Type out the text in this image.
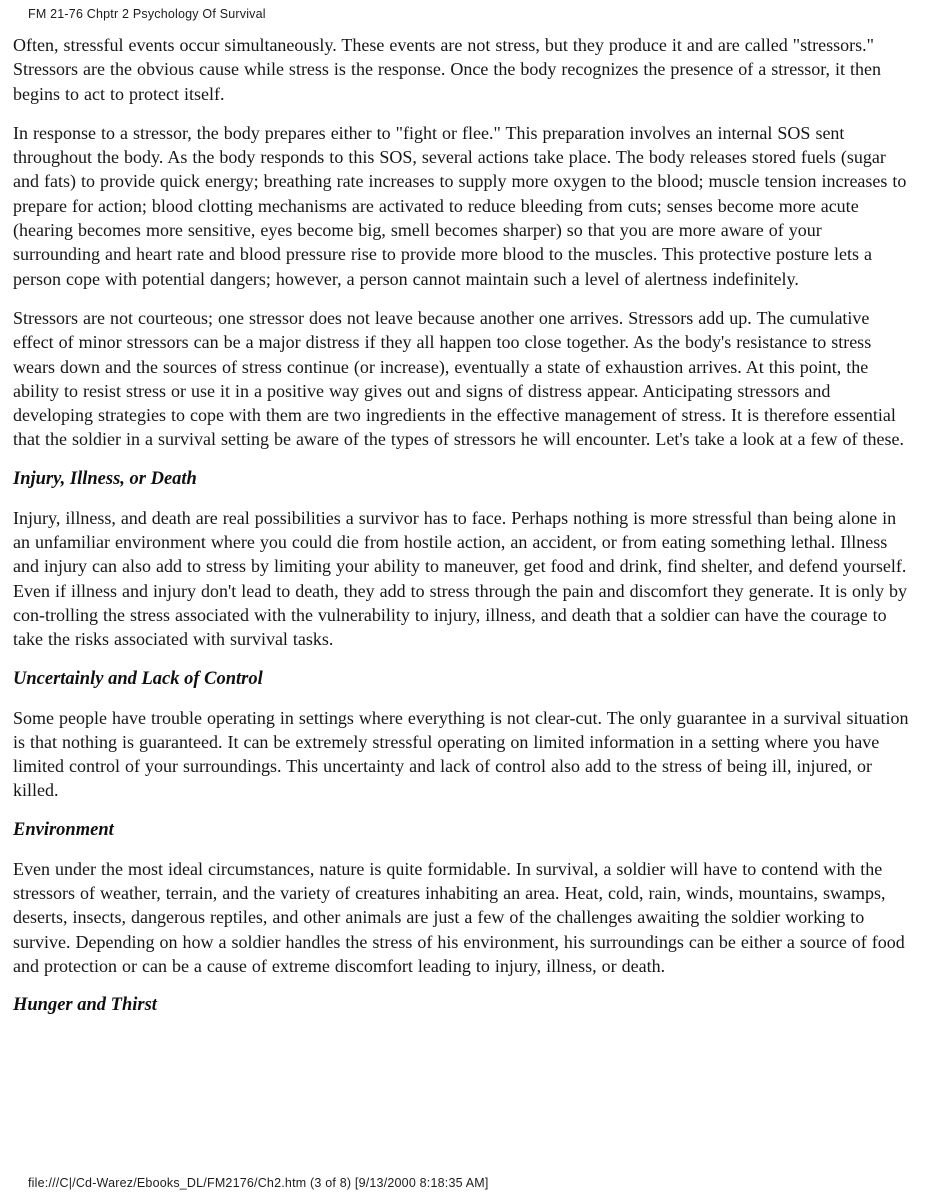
FM 21-76 Chptr 2 Psychology Of Survival

Often, stressful events occur simultaneously. These events are not stress, but they produce it and are called "stressors." Stressors are the obvious cause while stress is the response. Once the body recognizes the presence of a stressor, it then begins to act to protect itself.

In response to a stressor, the body prepares either to "fight or flee." This preparation involves an internal SOS sent throughout the body. As the body responds to this SOS, several actions take place. The body releases stored fuels (sugar and fats) to provide quick energy; breathing rate increases to supply more oxygen to the blood; muscle tension increases to prepare for action; blood clotting mechanisms are activated to reduce bleeding from cuts; senses become more acute (hearing becomes more sensitive, eyes become big, smell becomes sharper) so that you are more aware of your surrounding and heart rate and blood pressure rise to provide more blood to the muscles. This protective posture lets a person cope with potential dangers; however, a person cannot maintain such a level of alertness indefinitely.

Stressors are not courteous; one stressor does not leave because another one arrives. Stressors add up. The cumulative effect of minor stressors can be a major distress if they all happen too close together. As the body's resistance to stress wears down and the sources of stress continue (or increase), eventually a state of exhaustion arrives. At this point, the ability to resist stress or use it in a positive way gives out and signs of distress appear. Anticipating stressors and developing strategies to cope with them are two ingredients in the effective management of stress. It is therefore essential that the soldier in a survival setting be aware of the types of stressors he will encounter. Let's take a look at a few of these.

Injury, Illness, or Death

Injury, illness, and death are real possibilities a survivor has to face. Perhaps nothing is more stressful than being alone in an unfamiliar environment where you could die from hostile action, an accident, or from eating something lethal. Illness and injury can also add to stress by limiting your ability to maneuver, get food and drink, find shelter, and defend yourself. Even if illness and injury don't lead to death, they add to stress through the pain and discomfort they generate. It is only by con-trolling the stress associated with the vulnerability to injury, illness, and death that a soldier can have the courage to take the risks associated with survival tasks.

Uncertainly and Lack of Control

Some people have trouble operating in settings where everything is not clear-cut. The only guarantee in a survival situation is that nothing is guaranteed. It can be extremely stressful operating on limited information in a setting where you have limited control of your surroundings. This uncertainty and lack of control also add to the stress of being ill, injured, or killed.

Environment

Even under the most ideal circumstances, nature is quite formidable. In survival, a soldier will have to contend with the stressors of weather, terrain, and the variety of creatures inhabiting an area. Heat, cold, rain, winds, mountains, swamps, deserts, insects, dangerous reptiles, and other animals are just a few of the challenges awaiting the soldier working to survive. Depending on how a soldier handles the stress of his environment, his surroundings can be either a source of food and protection or can be a cause of extreme discomfort leading to injury, illness, or death.

Hunger and Thirst
file:///C|/Cd-Warez/Ebooks_DL/FM2176/Ch2.htm (3 of 8) [9/13/2000 8:18:35 AM]
